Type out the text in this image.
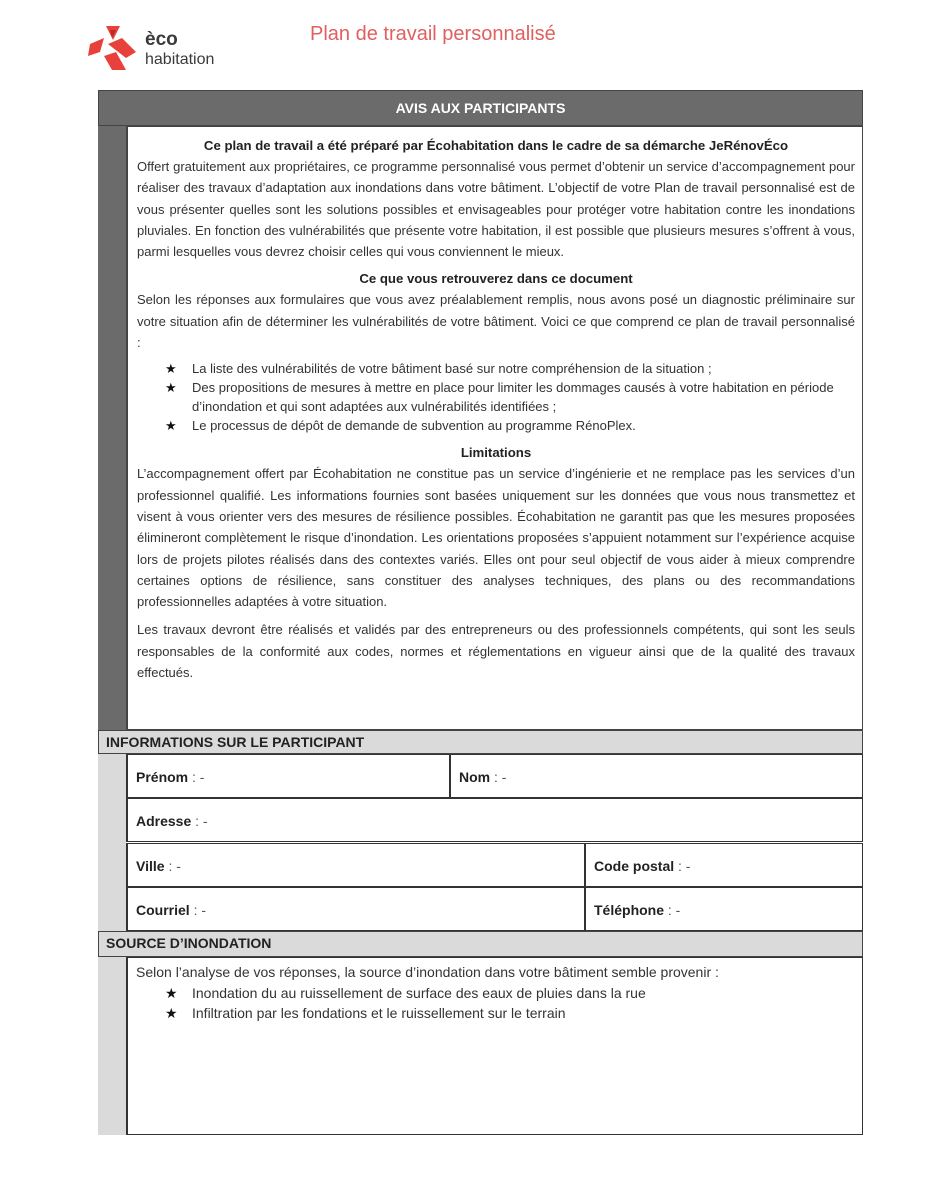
èco
habitation
Plan de travail personnalisé
AVIS AUX PARTICIPANTS
Ce plan de travail a été préparé par Écohabitation dans le cadre de sa démarche JeRénovÉco

Offert gratuitement aux propriétaires, ce programme personnalisé vous permet d’obtenir un service d’accompagnement pour réaliser des travaux d’adaptation aux inondations dans votre bâtiment. L’objectif de votre Plan de travail personnalisé est de vous présenter quelles sont les solutions possibles et envisageables pour protéger votre habitation contre les inondations pluviales. En fonction des vulnérabilités que présente votre habitation, il est possible que plusieurs mesures s’offrent à vous, parmi lesquelles vous devrez choisir celles qui vous conviennent le mieux.

Ce que vous retrouverez dans ce document

Selon les réponses aux formulaires que vous avez préalablement remplis, nous avons posé un diagnostic préliminaire sur votre situation afin de déterminer les vulnérabilités de votre bâtiment. Voici ce que comprend ce plan de travail personnalisé :

★ La liste des vulnérabilités de votre bâtiment basé sur notre compréhension de la situation ;
★ Des propositions de mesures à mettre en place pour limiter les dommages causés à votre habitation en période d’inondation et qui sont adaptées aux vulnérabilités identifiées ;
★ Le processus de dépôt de demande de subvention au programme RénoPlex.
Limitations

L’accompagnement offert par Écohabitation ne constitue pas un service d’ingénierie et ne remplace pas les services d’un professionnel qualifié. Les informations fournies sont basées uniquement sur les données que vous nous transmettez et visent à vous orienter vers des mesures de résilience possibles. Écohabitation ne garantit pas que les mesures proposées élimineront complètement le risque d’inondation. Les orientations proposées s’appuient notamment sur l’expérience acquise lors de projets pilotes réalisés dans des contextes variés. Elles ont pour seul objectif de vous aider à mieux comprendre certaines options de résilience, sans constituer des analyses techniques, des plans ou des recommandations professionnelles adaptées à votre situation.

Les travaux devront être réalisés et validés par des entrepreneurs ou des professionnels compétents, qui sont les seuls responsables de la conformité aux codes, normes et réglementations en vigueur ainsi que de la qualité des travaux effectués.

INFORMATIONS SUR LE PARTICIPANT
Prénom : -	Nom : -
Adresse : -
Ville : -	Code postal : -
Courriel : -	Téléphone : -
SOURCE D’INONDATION

Selon l’analyse de vos réponses, la source d’inondation dans votre bâtiment semble provenir :

★ Inondation du au ruissellement de surface des eaux de pluies dans la rue
★ Infiltration par les fondations et le ruissellement sur le terrain
